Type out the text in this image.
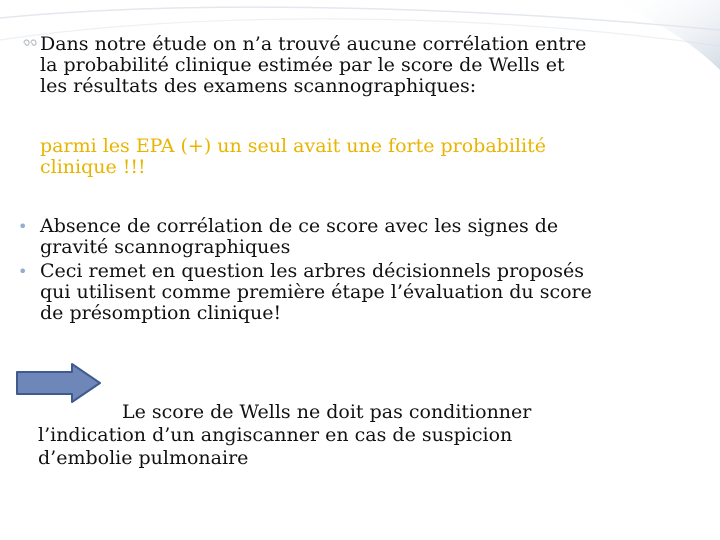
Dans notre étude on n’a trouvé aucune corrélation entre
la probabilité clinique estimée par le score de Wells et
les résultats des examens scannographiques:
parmi les EPA (+) un seul avait une forte probabilité
clinique !!!
• Absence de corrélation de ce score avec les signes de
gravité scannographiques
• Ceci remet en question les arbres décisionnels proposés
qui utilisent comme première étape l’évaluation du score
de présomption clinique!
Le score de Wells ne doit pas conditionner
l’indication d’un angiscanner en cas de suspicion
d’embolie pulmonaire
